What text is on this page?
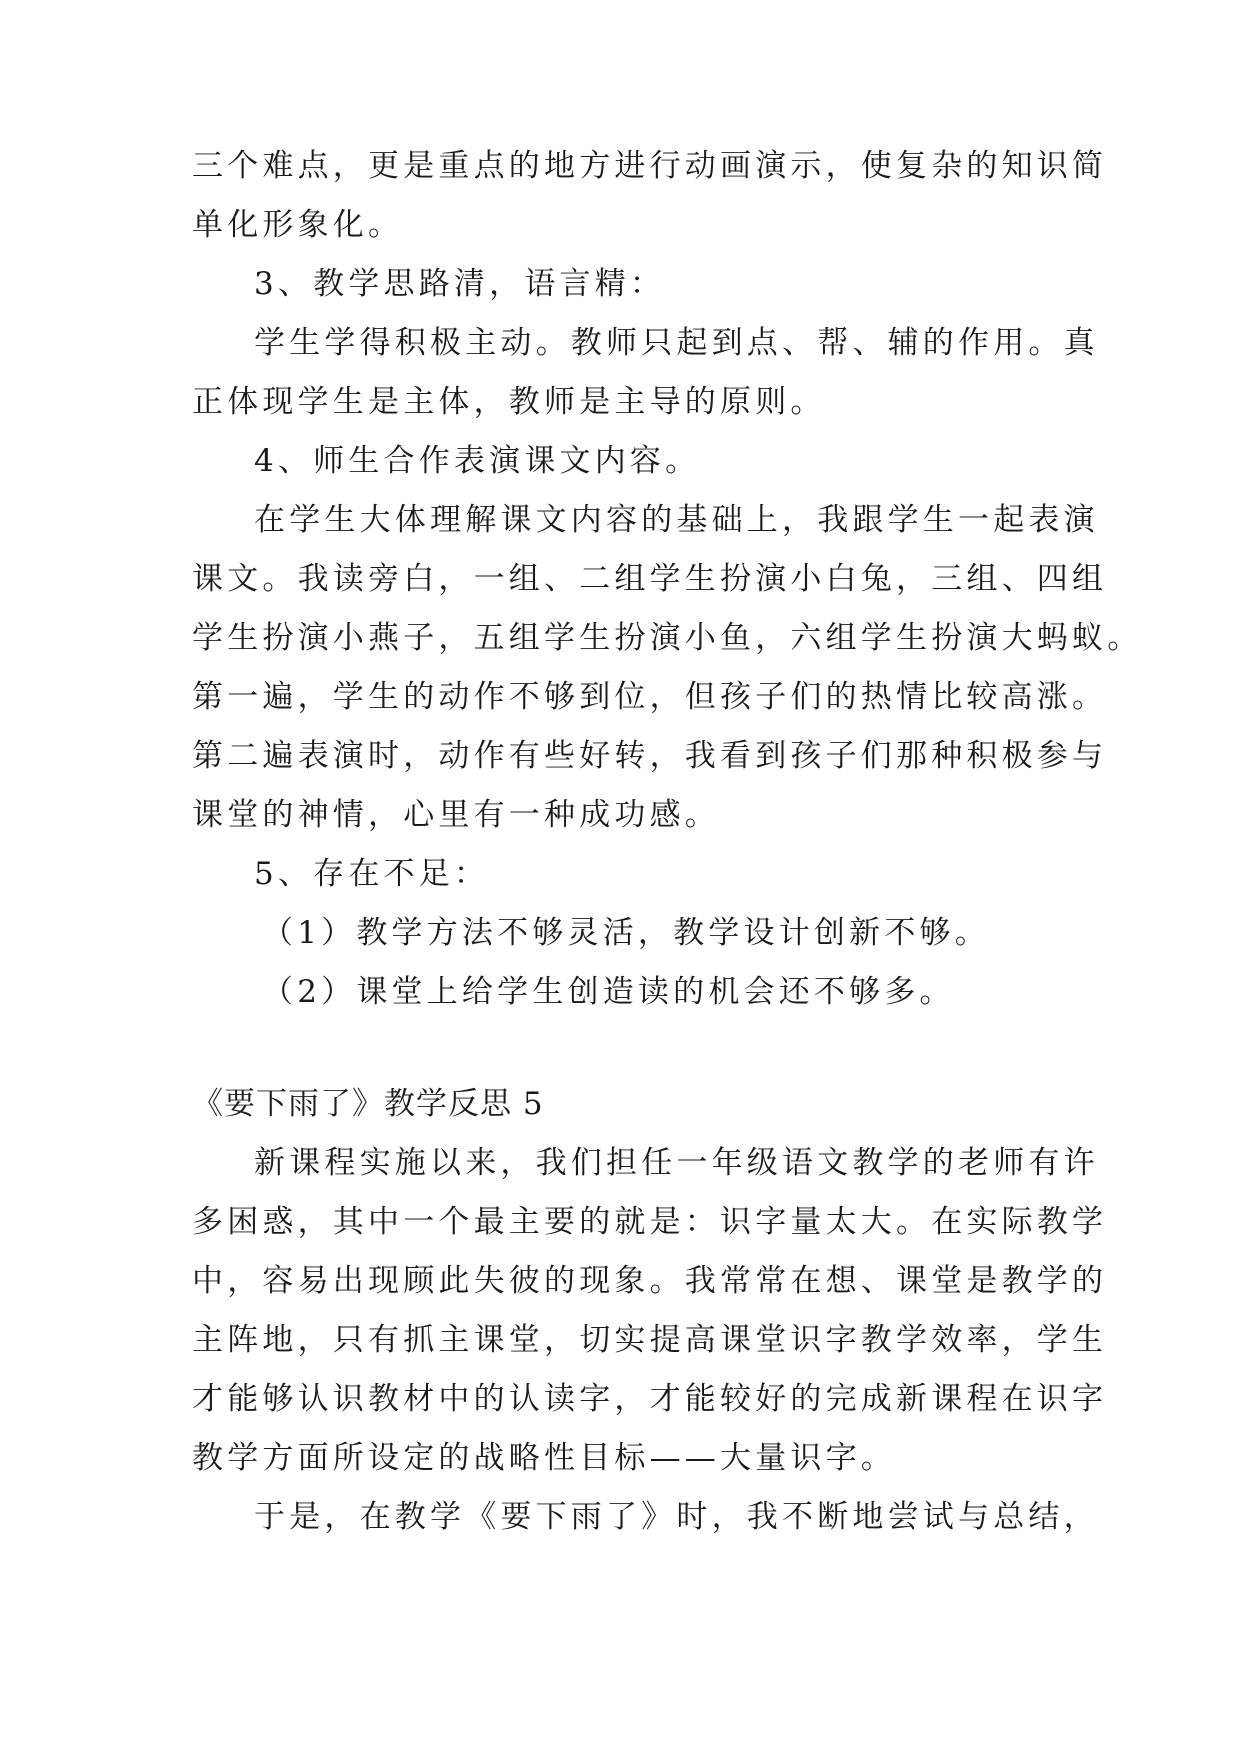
三个难点，更是重点的地方进行动画演示，使复杂的知识简
单化形象化。
3、教学思路清，语言精：
学生学得积极主动。教师只起到点、帮、辅的作用。真
正体现学生是主体，教师是主导的原则。
4、师生合作表演课文内容。
在学生大体理解课文内容的基础上，我跟学生一起表演
课文。我读旁白，一组、二组学生扮演小白兔，三组、四组
学生扮演小燕子，五组学生扮演小鱼，六组学生扮演大蚂蚁。
第一遍，学生的动作不够到位，但孩子们的热情比较高涨。
第二遍表演时，动作有些好转，我看到孩子们那种积极参与
课堂的神情，心里有一种成功感。
5、存在不足：
（1）教学方法不够灵活，教学设计创新不够。
（2）课堂上给学生创造读的机会还不够多。
《要下雨了》教学反思 5
新课程实施以来，我们担任一年级语文教学的老师有许
多困惑，其中一个最主要的就是：识字量太大。在实际教学
中，容易出现顾此失彼的现象。我常常在想、课堂是教学的
主阵地，只有抓主课堂，切实提高课堂识字教学效率，学生
才能够认识教材中的认读字，才能较好的完成新课程在识字
教学方面所设定的战略性目标——大量识字。
于是，在教学《要下雨了》时，我不断地尝试与总结，
